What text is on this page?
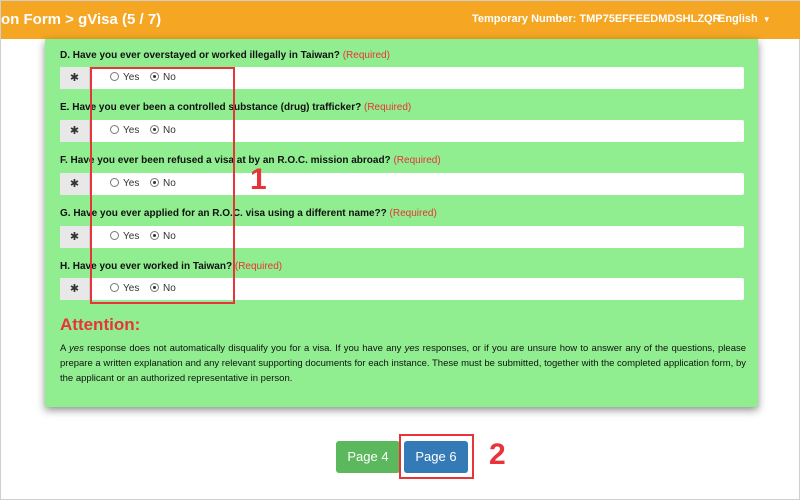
on Form > gVisa (5 / 7)	Temporary Number: TMP75EFFEEDMDSHLZQR
English ▼
D. Have you ever overstayed or worked illegally in Taiwan? (Required)
✱	Yes	No
E. Have you ever been a controlled substance (drug) trafficker? (Required)
✱	Yes	No
F. Have you ever been refused a visa at by an R.O.C. mission abroad? (Required)
✱	Yes	No
G. Have you ever applied for an R.O.C. visa using a different name?? (Required)
✱	Yes	No
H. Have you ever worked in Taiwan? (Required)
✱	Yes	No
Attention:
A yes response does not automatically disqualify you for a visa. If you have any yes responses, or if you are unsure how to answer any of the questions, please prepare a written explanation and any relevant supporting documents for each instance. These must be submitted, together with the completed application form, by the applicant or an authorized representative in person.
1
Page 4	Page 6	2
